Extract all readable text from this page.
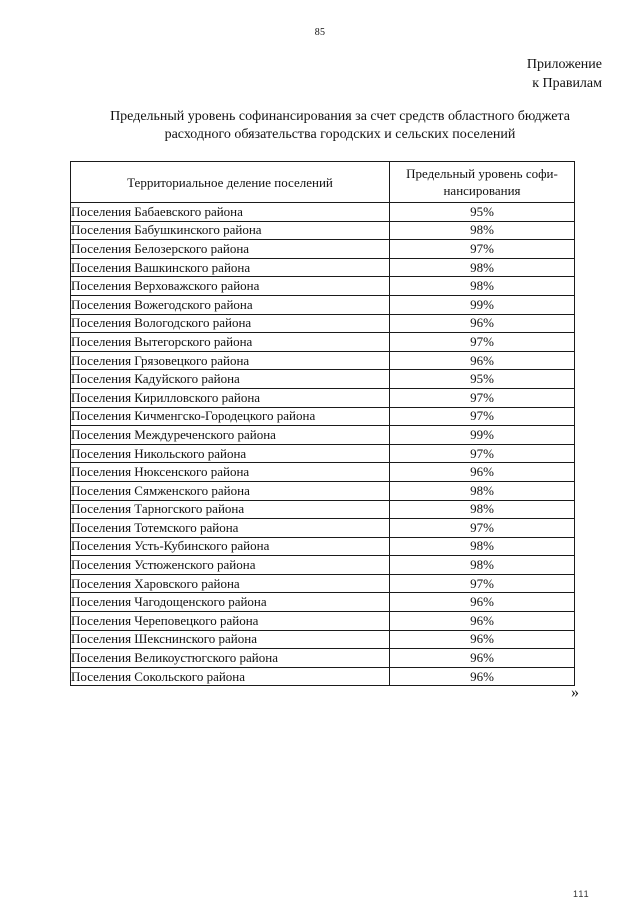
85
Приложение
к Правилам
Предельный уровень софинансирования за счет средств областного бюджета
расходного обязательства городских и сельских поселений
Территориальное деление поселений	Предельный уровень софи-
нансирования

Поселения Бабаевского района	95%
Поселения Бабушкинского района	98%
Поселения Белозерского района	97%
Поселения Вашкинского района	98%
Поселения Верховажского района	98%
Поселения Вожегодского района	99%
Поселения Вологодского района	96%
Поселения Вытегорского района	97%
Поселения Грязовецкого района	96%
Поселения Кадуйского района	95%
Поселения Кирилловского района	97%
Поселения Кичменгско-Городецкого района	97%
Поселения Междуреченского района	99%
Поселения Никольского района	97%
Поселения Нюксенского района	96%
Поселения Сямженского района	98%
Поселения Тарногского района	98%
Поселения Тотемского района	97%
Поселения Усть-Кубинского района	98%
Поселения Устюженского района	98%
Поселения Харовского района	97%
Поселения Чагодощенского района	96%
Поселения Череповецкого района	96%
Поселения Шекснинского района	96%
Поселения Великоустюгского района	96%
Поселения Сокольского района	96%
»
111
